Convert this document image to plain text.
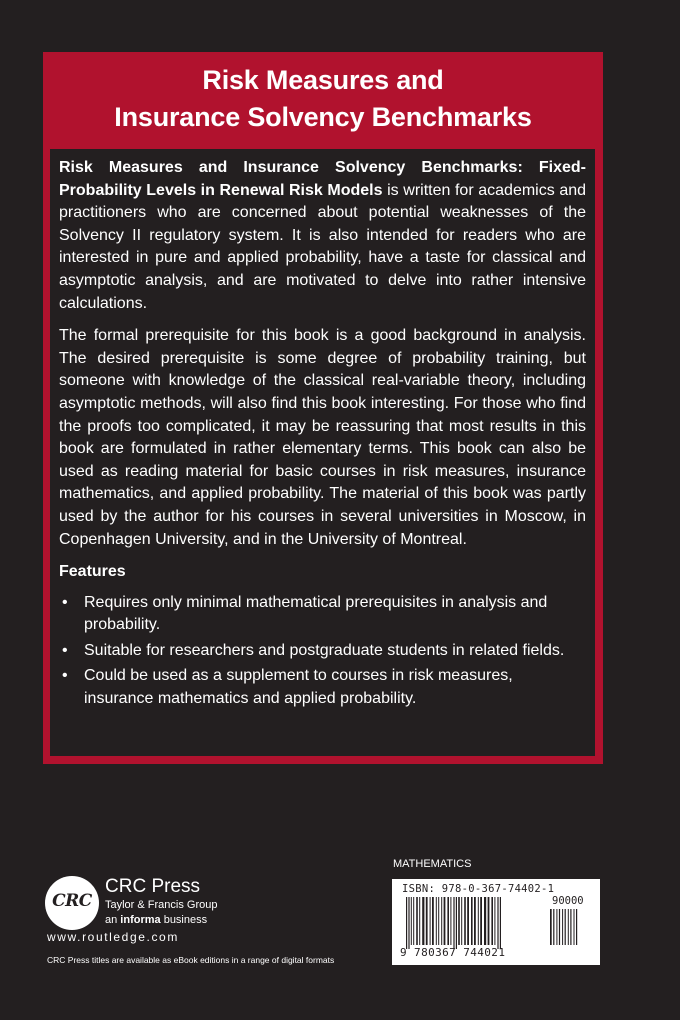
Risk Measures and
Insurance Solvency Benchmarks

Risk Measures and Insurance Solvency Benchmarks: Fixed-Probability Levels in Renewal Risk Models is written for academics and practitioners who are concerned about potential weaknesses of the Solvency II regulatory system. It is also intended for readers who are interested in pure and applied probability, have a taste for classical and asymptotic analysis, and are motivated to delve into rather intensive calculations.

The formal prerequisite for this book is a good background in analysis. The desired prerequisite is some degree of probability training, but someone with knowledge of the classical real-variable theory, including asymptotic methods, will also find this book interesting. For those who find the proofs too complicated, it may be reassuring that most results in this book are formulated in rather elementary terms. This book can also be used as reading material for basic courses in risk measures, insurance mathematics, and applied probability. The material of this book was partly used by the author for his courses in several universities in Moscow, in Copenhagen University, and in the University of Montreal.

Features
• Requires only minimal mathematical prerequisites in analysis and probability.
• Suitable for researchers and postgraduate students in related fields.
• Could be used as a supplement to courses in risk measures, insurance mathematics and applied probability.
CRC
CRC Press
Taylor & Francis Group
an informa business
www.routledge.com
CRC Press titles are available as eBook editions in a range of digital formats
MATHEMATICS
ISBN: 978-0-367-74402-1
90000
9 780367 744021
